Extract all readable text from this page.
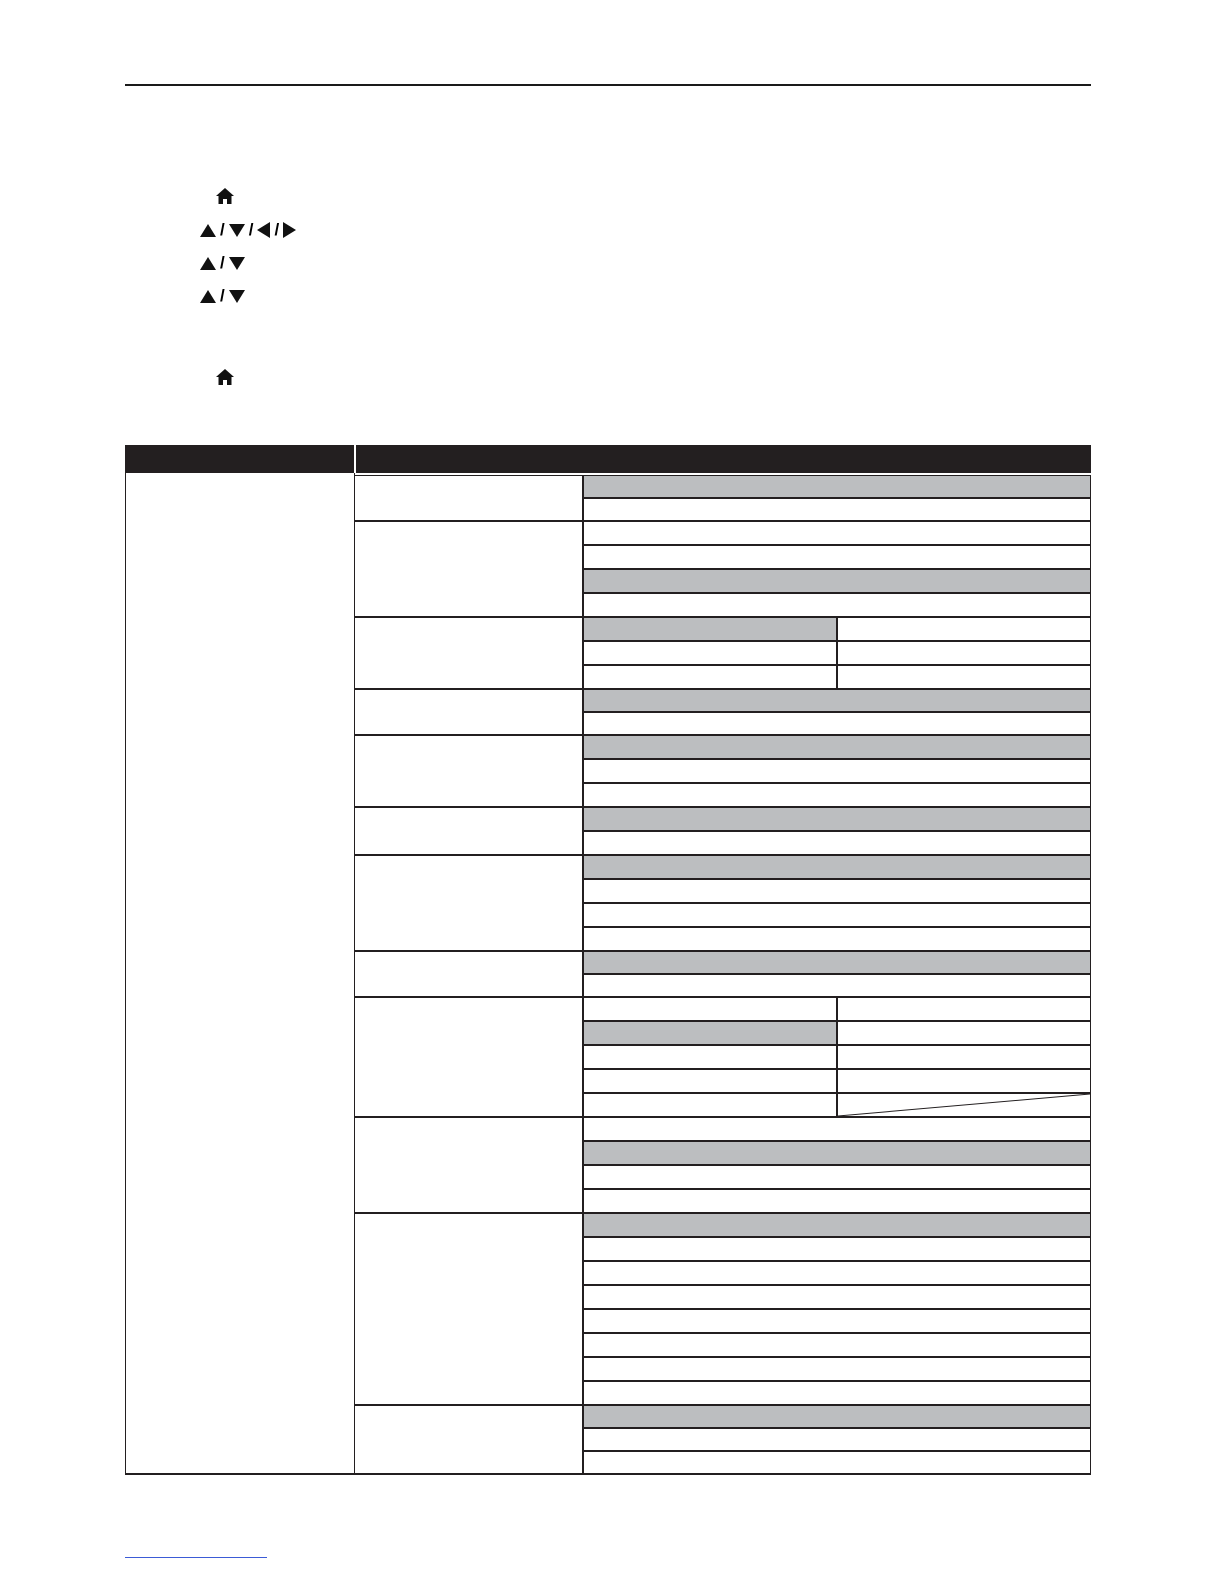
/ / /
/
/
